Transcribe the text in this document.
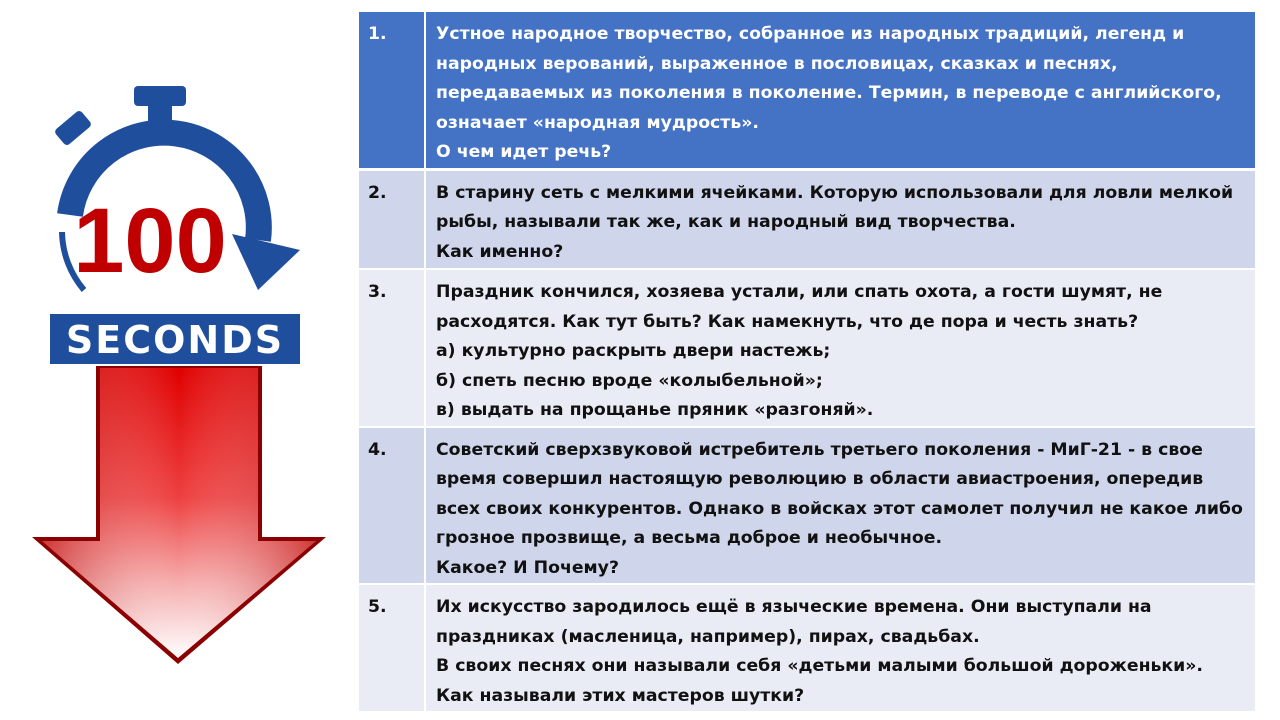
100
SECONDS
1.	Устное народное творчество, собранное из народных традиций, легенд и народных верований, выраженное в пословицах, сказках и песнях, передаваемых из поколения в поколение. Термин, в переводе с английского, означает «народная мудрость».
О чем идет речь?
2.	В старину сеть с мелкими ячейками. Которую использовали для ловли мелкой рыбы, называли так же, как и народный вид творчества.
Как именно?
3.	Праздник кончился, хозяева устали, или спать охота, а гости шумят, не расходятся. Как тут быть? Как намекнуть, что де пора и честь знать?
а) культурно раскрыть двери настежь;
б) спеть песню вроде «колыбельной»;
в) выдать на прощанье пряник «разгоняй».
4.	Советский сверхзвуковой истребитель третьего поколения - МиГ-21 - в свое время совершил настоящую революцию в области авиастроения, опередив всех своих конкурентов. Однако в войсках этот самолет получил не какое либо грозное прозвище, а весьма доброе и необычное.
Какое? И Почему?
5.	Их искусство зародилось ещё в языческие времена. Они выступали на праздниках (масленица, например), пирах, свадьбах.
В своих песнях они называли себя «детьми малыми большой дороженьки».
Как называли этих мастеров шутки?
